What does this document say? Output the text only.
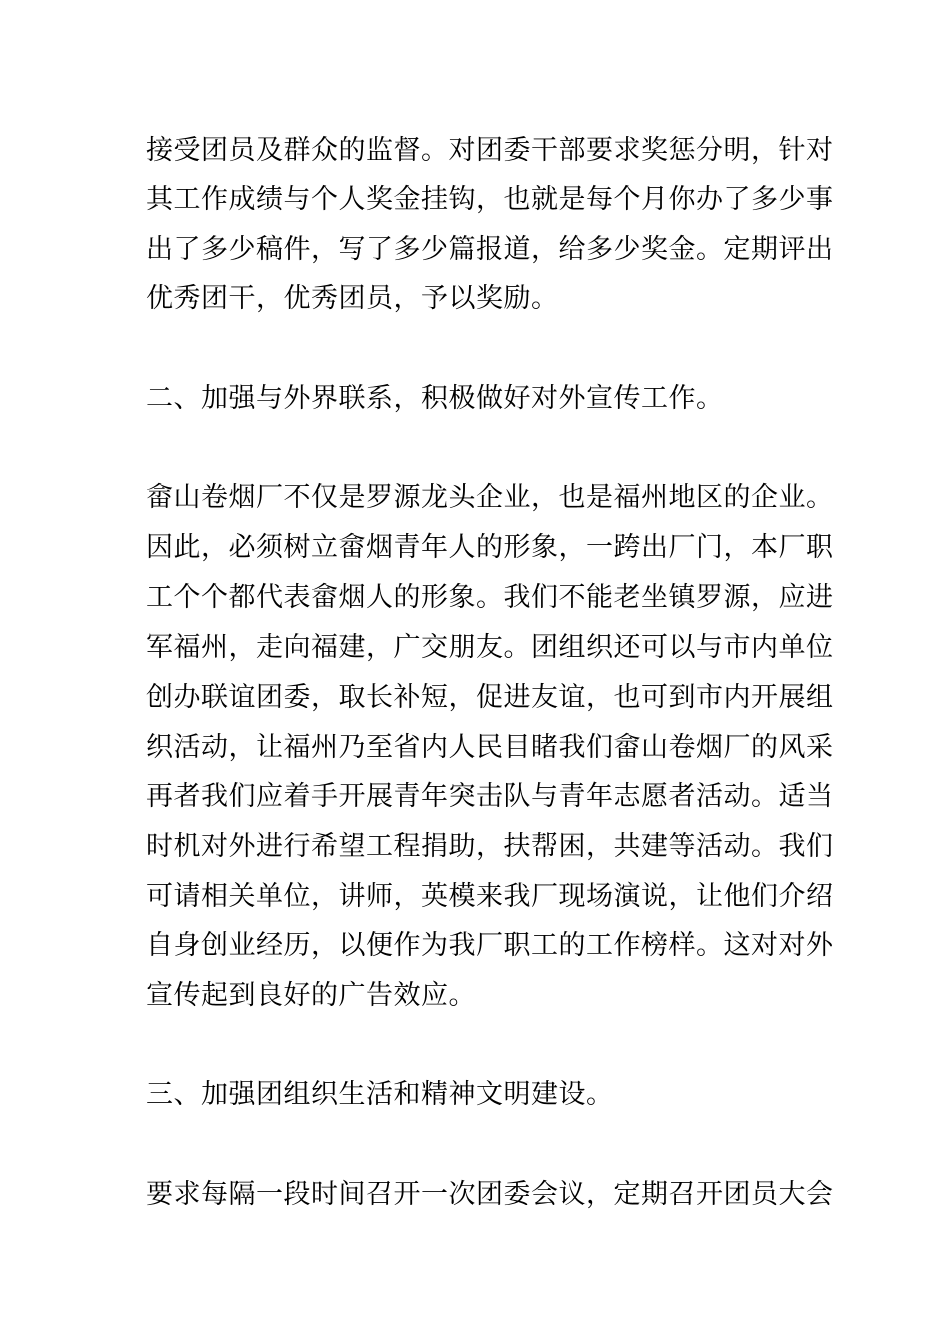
接受团员及群众的监督。对团委干部要求奖惩分明，针对
其工作成绩与个人奖金挂钩，也就是每个月你办了多少事
出了多少稿件，写了多少篇报道，给多少奖金。定期评出
优秀团干，优秀团员，予以奖励。
二、加强与外界联系，积极做好对外宣传工作。
畲山卷烟厂不仅是罗源龙头企业，也是福州地区的企业。
因此，必须树立畲烟青年人的形象，一跨出厂门，本厂职
工个个都代表畲烟人的形象。我们不能老坐镇罗源，应进
军福州，走向福建，广交朋友。团组织还可以与市内单位
创办联谊团委，取长补短，促进友谊，也可到市内开展组
织活动，让福州乃至省内人民目睹我们畲山卷烟厂的风采
再者我们应着手开展青年突击队与青年志愿者活动。适当
时机对外进行希望工程捐助，扶帮困，共建等活动。我们
可请相关单位，讲师，英模来我厂现场演说，让他们介绍
自身创业经历，以便作为我厂职工的工作榜样。这对对外
宣传起到良好的广告效应。
三、加强团组织生活和精神文明建设。
要求每隔一段时间召开一次团委会议，定期召开团员大会
